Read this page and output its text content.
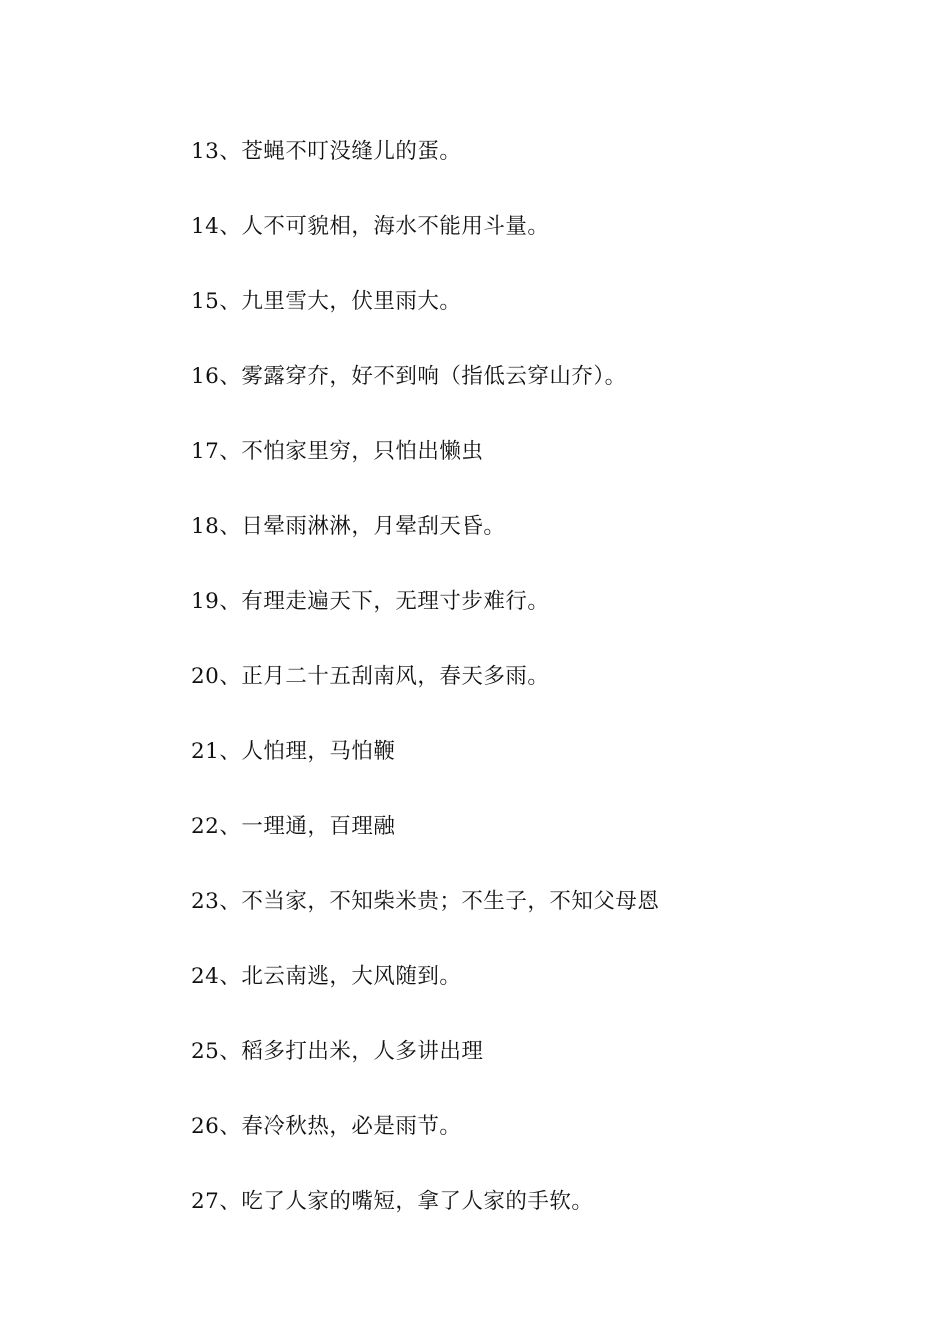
13、苍蝇不叮没缝儿的蛋。
14、人不可貌相，海水不能用斗量。
15、九里雪大，伏里雨大。
16、雾露穿夰，好不到响（指低云穿山夰）。
17、不怕家里穷，只怕出懒虫
18、日晕雨淋淋，月晕刮天昏。
19、有理走遍天下，无理寸步难行。
20、正月二十五刮南风，春天多雨。
21、人怕理，马怕鞭
22、一理通，百理融
23、不当家，不知柴米贵；不生子，不知父母恩
24、北云南逃，大风随到。
25、稻多打出米，人多讲出理
26、春冷秋热，必是雨节。
27、吃了人家的嘴短，拿了人家的手软。
